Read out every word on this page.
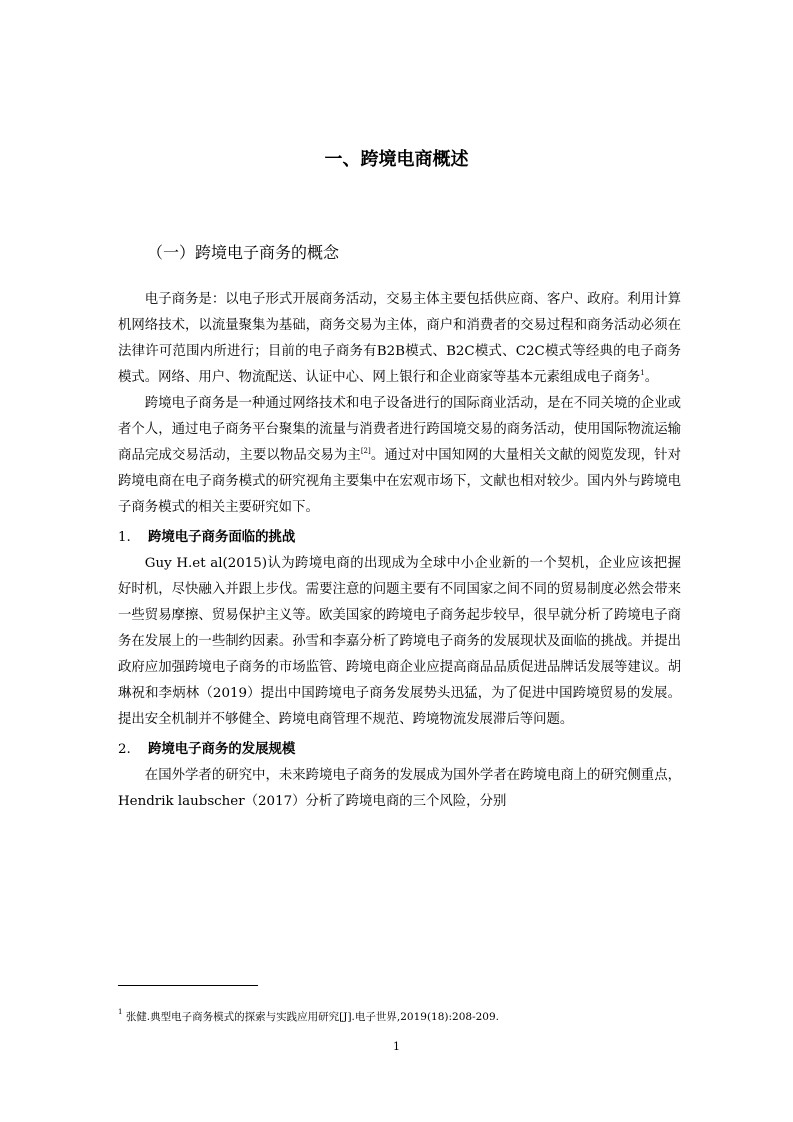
一、跨境电商概述
（一）跨境电子商务的概念

电子商务是：以电子形式开展商务活动，交易主体主要包括供应商、客户、政府。利用计算机网络技术，以流量聚集为基础，商务交易为主体，商户和消费者的交易过程和商务活动必须在法律许可范围内所进行；目前的电子商务有B2B模式、B2C模式、C2C模式等经典的电子商务模式。网络、用户、物流配送、认证中心、网上银行和企业商家等基本元素组成电子商务$^1$。

跨境电子商务是一种通过网络技术和电子设备进行的国际商业活动，是在不同关境的企业或者个人，通过电子商务平台聚集的流量与消费者进行跨国境交易的商务活动，使用国际物流运输商品完成交易活动，主要以物品交易为主[2]。通过对中国知网的大量相关文献的阅览发现，针对跨境电商在电子商务模式的研究视角主要集中在宏观市场下，文献也相对较少。国内外与跨境电子商务模式的相关主要研究如下。

1. 跨境电子商务面临的挑战

Guy H.et al(2015)认为跨境电商的出现成为全球中小企业新的一个契机，企业应该把握好时机，尽快融入并跟上步伐。需要注意的问题主要有不同国家之间不同的贸易制度必然会带来一些贸易摩擦、贸易保护主义等。欧美国家的跨境电子商务起步较早，很早就分析了跨境电子商务在发展上的一些制约因素。孙雪和李嘉分析了跨境电子商务的发展现状及面临的挑战。并提出政府应加强跨境电子商务的市场监管、跨境电商企业应提高商品品质促进品牌话发展等建议。胡琳祝和李炳林（2019）提出中国跨境电子商务发展势头迅猛，为了促进中国跨境贸易的发展。提出安全机制并不够健全、跨境电商管理不规范、跨境物流发展滞后等问题。

2. 跨境电子商务的发展规模

在国外学者的研究中，未来跨境电子商务的发展成为国外学者在跨境电商上的研究侧重点，Hendrik laubscher（2017）分析了跨境电商的三个风险，分别

$^1$ 张健.典型电子商务模式的探索与实践应用研究[J].电子世界,2019(18):208-209.
1
